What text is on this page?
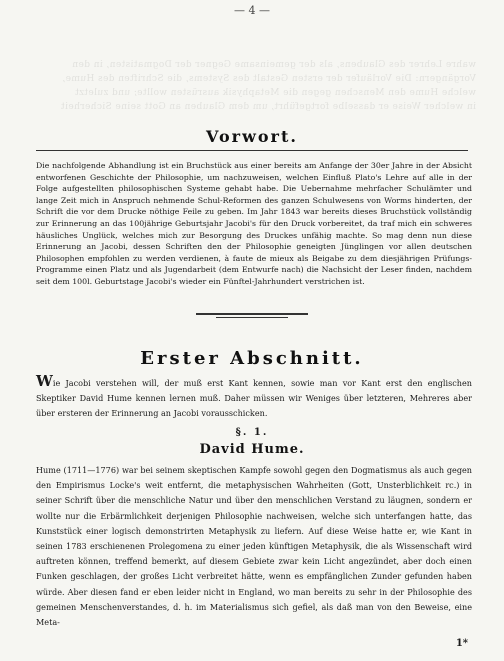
— 4 —
wahre Lehrer des Glaubens, als der gemeinsame Gegner der Dogmatisten, in den
Vorgängern: Die Vorläufer der ersten Gestalt des Systems, die Schriften des Hume,
welche Hume den Menschen gegen die Metaphysik ausrüsten wollte; und zuletzt
in welcher Weise er dasselbe fortgeführt, um dem Glauben an Gott seine Sicherheit
Vorwort.

Die nachfolgende Abhandlung ist ein Bruchstück aus einer bereits am Anfange der 30er Jahre in der Absicht entworfenen Geschichte der Philosophie, um nachzuweisen, welchen Einfluß Plato's Lehre auf alle in der Folge aufgestellten philosophischen Systeme gehabt habe. Die Uebernahme mehrfacher Schulämter und lange Zeit mich in Anspruch nehmende Schul-Reformen des ganzen Schulwesens von Worms hinderten, der Schrift die vor dem Drucke nöthige Feile zu geben. Im Jahr 1843 war bereits dieses Bruchstück vollständig zur Erinnerung an das 100jährige Geburtsjahr Jacobi's für den Druck vorbereitet, da traf mich ein schweres häusliches Unglück, welches mich zur Besorgung des Druckes unfähig machte. So mag denn nun diese Erinnerung an Jacobi, dessen Schriften den der Philosophie geneigten Jünglingen vor allen deutschen Philosophen empfohlen zu werden verdienen, à faute de mieux als Beigabe zu dem diesjährigen Prüfungs-Programme einen Platz und als Jugendarbeit (dem Entwurfe nach) die Nachsicht der Leser finden, nachdem seit dem 100l. Geburtstage Jacobi's wieder ein Fünftel-Jahrhundert verstrichen ist.

Erster Abschnitt.

Wie Jacobi verstehen will, der muß erst Kant kennen, sowie man vor Kant erst den englischen Skeptiker David Hume kennen lernen muß. Daher müssen wir Weniges über letzteren, Mehreres aber über ersteren der Erinnerung an Jacobi vorausschicken.

§. 1.
David Hume.

Hume (1711—1776) war bei seinem skeptischen Kampfe sowohl gegen den Dogmatismus als auch gegen den Empirismus Locke's weit entfernt, die metaphysischen Wahrheiten (Gott, Unsterblichkeit rc.) in seiner Schrift über die menschliche Natur und über den menschlichen Verstand zu läugnen, sondern er wollte nur die Erbärmlichkeit derjenigen Philosophie nachweisen, welche sich unterfangen hatte, das Kunststück einer logisch demonstrirten Metaphysik zu liefern. Auf diese Weise hatte er, wie Kant in seinen 1783 erschienenen Prolegomena zu einer jeden künftigen Metaphysik, die als Wissenschaft wird auftreten können, treffend bemerkt, auf diesem Gebiete zwar kein Licht angezündet, aber doch einen Funken geschlagen, der großes Licht verbreitet hätte, wenn es empfänglichen Zunder gefunden haben würde. Aber diesen fand er eben leider nicht in England, wo man bereits zu sehr in der Philosophie des gemeinen Menschenverstandes, d. h. im Materialismus sich gefiel, als daß man von den Beweise, eine Meta-

1*
